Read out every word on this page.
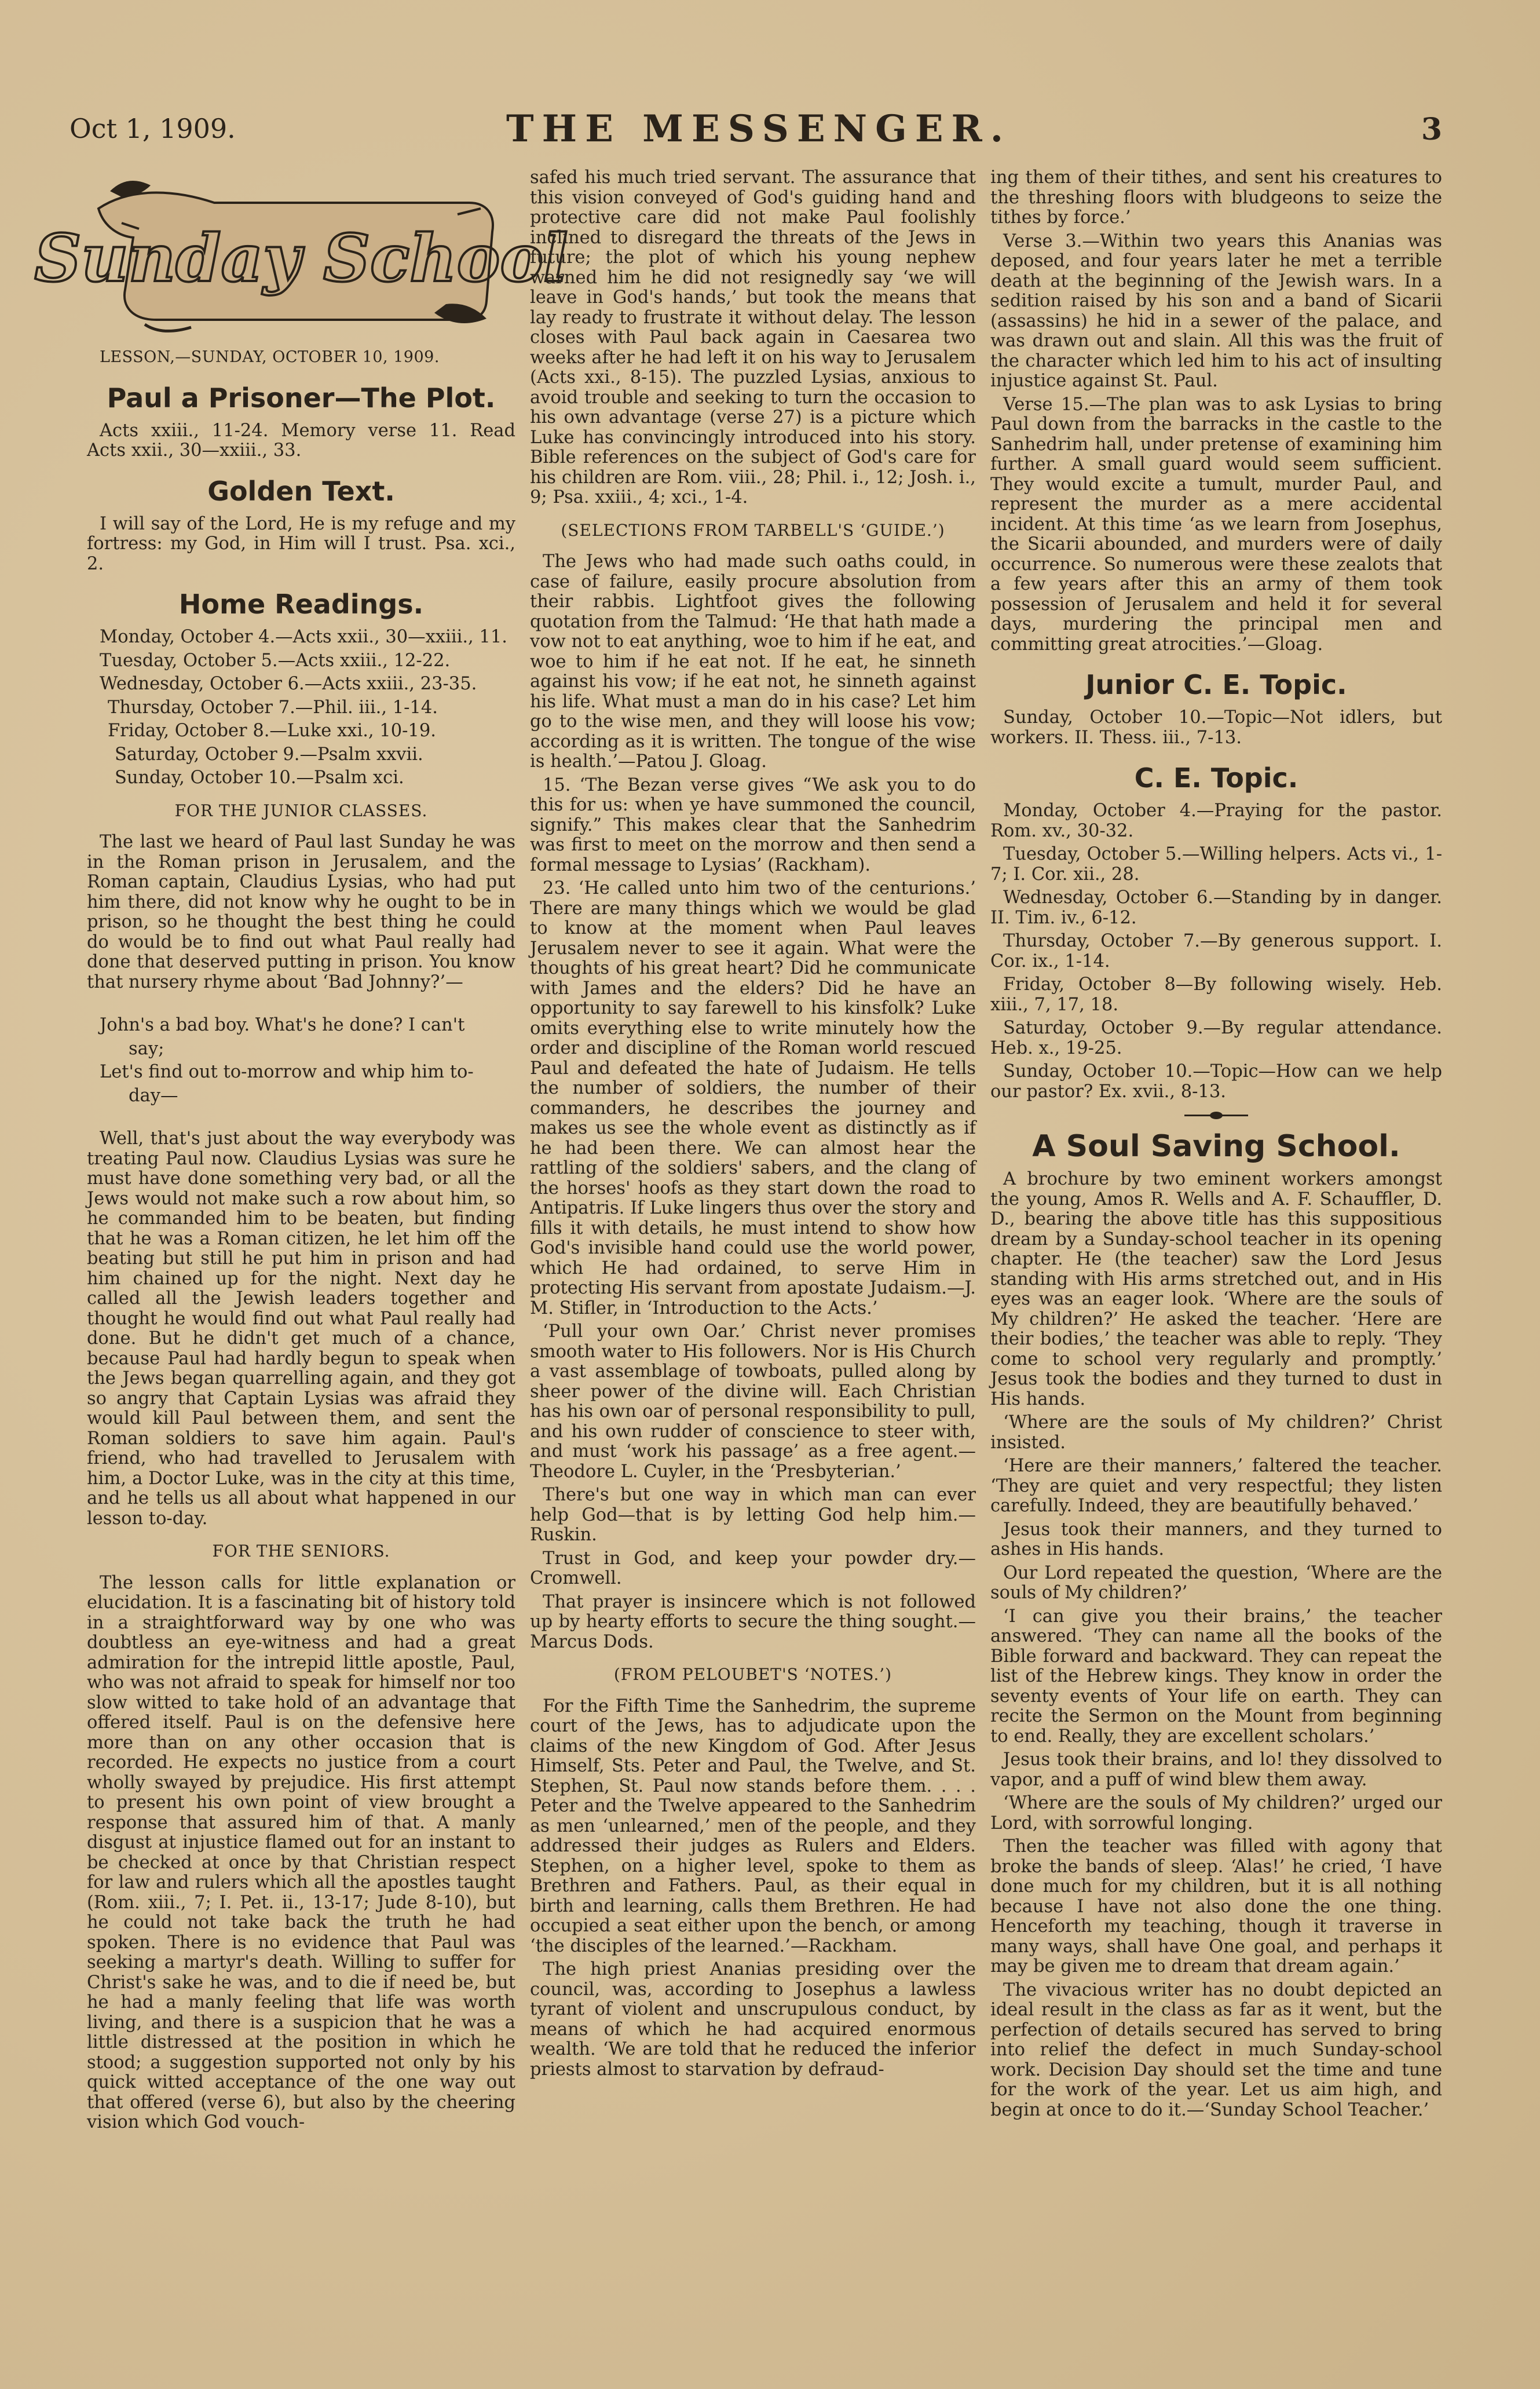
Oct 1, 1909.	THE MESSENGER.	3
Sunday School

LESSON,—SUNDAY, OCTOBER 10, 1909.

Paul a Prisoner—The Plot.

Acts xxiii., 11-24. Memory verse 11. Read Acts xxii., 30—xxiii., 33.

Golden Text.

I will say of the Lord, He is my refuge and my fortress: my God, in Him will I trust. Psa. xci., 2.

Home Readings.

Monday, October 4.—Acts xxii., 30—xxiii., 11.

Tuesday, October 5.—Acts xxiii., 12-22.

Wednesday, October 6.—Acts xxiii., 23-35.

Thursday, October 7.—Phil. iii., 1-14.

Friday, October 8.—Luke xxi., 10-19.

Saturday, October 9.—Psalm xxvii.

Sunday, October 10.—Psalm xci.

FOR THE JUNIOR CLASSES.

The last we heard of Paul last Sunday he was in the Roman prison in Jerusalem, and the Roman captain, Claudius Lysias, who had put him there, did not know why he ought to be in prison, so he thought the best thing he could do would be to find out what Paul really had done that deserved putting in prison. You know that nursery rhyme about ‘Bad Johnny?’—

John's a bad boy. What's he done? I can't

say;

Let's find out to-morrow and whip him to-

day—

Well, that's just about the way everybody was treating Paul now. Claudius Lysias was sure he must have done something very bad, or all the Jews would not make such a row about him, so he commanded him to be beaten, but finding that he was a Roman citizen, he let him off the beating but still he put him in prison and had him chained up for the night. Next day he called all the Jewish leaders together and thought he would find out what Paul really had done. But he didn't get much of a chance, because Paul had hardly begun to speak when the Jews began quarrelling again, and they got so angry that Captain Lysias was afraid they would kill Paul between them, and sent the Roman soldiers to save him again. Paul's friend, who had travelled to Jerusalem with him, a Doctor Luke, was in the city at this time, and he tells us all about what happened in our lesson to-day.

FOR THE SENIORS.

The lesson calls for little explanation or elucidation. It is a fascinating bit of history told in a straightforward way by one who was doubtless an eye-witness and had a great admiration for the intrepid little apostle, Paul, who was not afraid to speak for himself nor too slow witted to take hold of an advantage that offered itself. Paul is on the defensive here more than on any other occasion that is recorded. He expects no justice from a court wholly swayed by prejudice. His first attempt to present his own point of view brought a response that assured him of that. A manly disgust at injustice flamed out for an instant to be checked at once by that Christian respect for law and rulers which all the apostles taught (Rom. xiii., 7; I. Pet. ii., 13-17; Jude 8-10), but he could not take back the truth he had spoken. There is no evidence that Paul was seeking a martyr's death. Willing to suffer for Christ's sake he was, and to die if need be, but he had a manly feeling that life was worth living, and there is a suspicion that he was a little distressed at the position in which he stood; a suggestion supported not only by his quick witted acceptance of the one way out that offered (verse 6), but also by the cheering vision which God vouch-

safed his much tried servant. The assurance that this vision conveyed of God's guiding hand and protective care did not make Paul foolishly inclined to disregard the threats of the Jews in future; the plot of which his young nephew warned him he did not resignedly say ‘we will leave in God's hands,’ but took the means that lay ready to frustrate it without delay. The lesson closes with Paul back again in Caesarea two weeks after he had left it on his way to Jerusalem (Acts xxi., 8-15). The puzzled Lysias, anxious to avoid trouble and seeking to turn the occasion to his own advantage (verse 27) is a picture which Luke has convincingly introduced into his story. Bible references on the subject of God's care for his children are Rom. viii., 28; Phil. i., 12; Josh. i., 9; Psa. xxiii., 4; xci., 1-4.

(SELECTIONS FROM TARBELL'S ‘GUIDE.’)

The Jews who had made such oaths could, in case of failure, easily procure absolution from their rabbis. Lightfoot gives the following quotation from the Talmud: ‘He that hath made a vow not to eat anything, woe to him if he eat, and woe to him if he eat not. If he eat, he sinneth against his vow; if he eat not, he sinneth against his life. What must a man do in his case? Let him go to the wise men, and they will loose his vow; according as it is written. The tongue of the wise is health.’—Patou J. Gloag.

15. ‘The Bezan verse gives “We ask you to do this for us: when ye have summoned the council, signify.” This makes clear that the Sanhedrim was first to meet on the morrow and then send a formal message to Lysias’ (Rackham).

23. ‘He called unto him two of the centurions.’ There are many things which we would be glad to know at the moment when Paul leaves Jerusalem never to see it again. What were the thoughts of his great heart? Did he communicate with James and the elders? Did he have an opportunity to say farewell to his kinsfolk? Luke omits everything else to write minutely how the order and discipline of the Roman world rescued Paul and defeated the hate of Judaism. He tells the number of soldiers, the number of their commanders, he describes the journey and makes us see the whole event as distinctly as if he had been there. We can almost hear the rattling of the soldiers' sabers, and the clang of the horses' hoofs as they start down the road to Antipatris. If Luke lingers thus over the story and fills it with details, he must intend to show how God's invisible hand could use the world power, which He had ordained, to serve Him in protecting His servant from apostate Judaism.—J. M. Stifler, in ‘Introduction to the Acts.’

‘Pull your own Oar.’ Christ never promises smooth water to His followers. Nor is His Church a vast assemblage of towboats, pulled along by sheer power of the divine will. Each Christian has his own oar of personal responsibility to pull, and his own rudder of conscience to steer with, and must ‘work his passage’ as a free agent.—Theodore L. Cuyler, in the ‘Presbyterian.’

There's but one way in which man can ever help God—that is by letting God help him.—Ruskin.

Trust in God, and keep your powder dry.—Cromwell.

That prayer is insincere which is not followed up by hearty efforts to secure the thing sought.—Marcus Dods.

(FROM PELOUBET'S ‘NOTES.’)

For the Fifth Time the Sanhedrim, the supreme court of the Jews, has to adjudicate upon the claims of the new Kingdom of God. After Jesus Himself, Sts. Peter and Paul, the Twelve, and St. Stephen, St. Paul now stands before them. . . . Peter and the Twelve appeared to the Sanhedrim as men ‘unlearned,’ men of the people, and they addressed their judges as Rulers and Elders. Stephen, on a higher level, spoke to them as Brethren and Fathers. Paul, as their equal in birth and learning, calls them Brethren. He had occupied a seat either upon the bench, or among ‘the disciples of the learned.’—Rackham.

The high priest Ananias presiding over the council, was, according to Josephus a lawless tyrant of violent and unscrupulous conduct, by means of which he had acquired enormous wealth. ‘We are told that he reduced the inferior priests almost to starvation by defraud-

ing them of their tithes, and sent his creatures to the threshing floors with bludgeons to seize the tithes by force.’

Verse 3.—Within two years this Ananias was deposed, and four years later he met a terrible death at the beginning of the Jewish wars. In a sedition raised by his son and a band of Sicarii (assassins) he hid in a sewer of the palace, and was drawn out and slain. All this was the fruit of the character which led him to his act of insulting injustice against St. Paul.

Verse 15.—The plan was to ask Lysias to bring Paul down from the barracks in the castle to the Sanhedrim hall, under pretense of examining him further. A small guard would seem sufficient. They would excite a tumult, murder Paul, and represent the murder as a mere accidental incident. At this time ‘as we learn from Josephus, the Sicarii abounded, and murders were of daily occurrence. So numerous were these zealots that a few years after this an army of them took possession of Jerusalem and held it for several days, murdering the principal men and committing great atrocities.’—Gloag.

Junior C. E. Topic.

Sunday, October 10.—Topic—Not idlers, but workers. II. Thess. iii., 7-13.

C. E. Topic.

Monday, October 4.—Praying for the pastor. Rom. xv., 30-32.

Tuesday, October 5.—Willing helpers. Acts vi., 1-7; I. Cor. xii., 28.

Wednesday, October 6.—Standing by in danger. II. Tim. iv., 6-12.

Thursday, October 7.—By generous support. I. Cor. ix., 1-14.

Friday, October 8—By following wisely. Heb. xiii., 7, 17, 18.

Saturday, October 9.—By regular attendance. Heb. x., 19-25.

Sunday, October 10.—Topic—How can we help our pastor? Ex. xvii., 8-13.

A Soul Saving School.

A brochure by two eminent workers amongst the young, Amos R. Wells and A. F. Schauffler, D. D., bearing the above title has this suppositious dream by a Sunday-school teacher in its opening chapter. He (the teacher) saw the Lord Jesus standing with His arms stretched out, and in His eyes was an eager look. ‘Where are the souls of My children?’ He asked the teacher. ‘Here are their bodies,’ the teacher was able to reply. ‘They come to school very regularly and promptly.’ Jesus took the bodies and they turned to dust in His hands.

‘Where are the souls of My children?’ Christ insisted.

‘Here are their manners,’ faltered the teacher. ‘They are quiet and very respectful; they listen carefully. Indeed, they are beautifully behaved.’

Jesus took their manners, and they turned to ashes in His hands.

Our Lord repeated the question, ‘Where are the souls of My children?’

‘I can give you their brains,’ the teacher answered. ‘They can name all the books of the Bible forward and backward. They can repeat the list of the Hebrew kings. They know in order the seventy events of Your life on earth. They can recite the Sermon on the Mount from beginning to end. Really, they are excellent scholars.’

Jesus took their brains, and lo! they dissolved to vapor, and a puff of wind blew them away.

‘Where are the souls of My children?’ urged our Lord, with sorrowful longing.

Then the teacher was filled with agony that broke the bands of sleep. ‘Alas!’ he cried, ‘I have done much for my children, but it is all nothing because I have not also done the one thing. Henceforth my teaching, though it traverse in many ways, shall have One goal, and perhaps it may be given me to dream that dream again.’

The vivacious writer has no doubt depicted an ideal result in the class as far as it went, but the perfection of details secured has served to bring into relief the defect in much Sunday-school work. Decision Day should set the time and tune for the work of the year. Let us aim high, and begin at once to do it.—‘Sunday School Teacher.’
